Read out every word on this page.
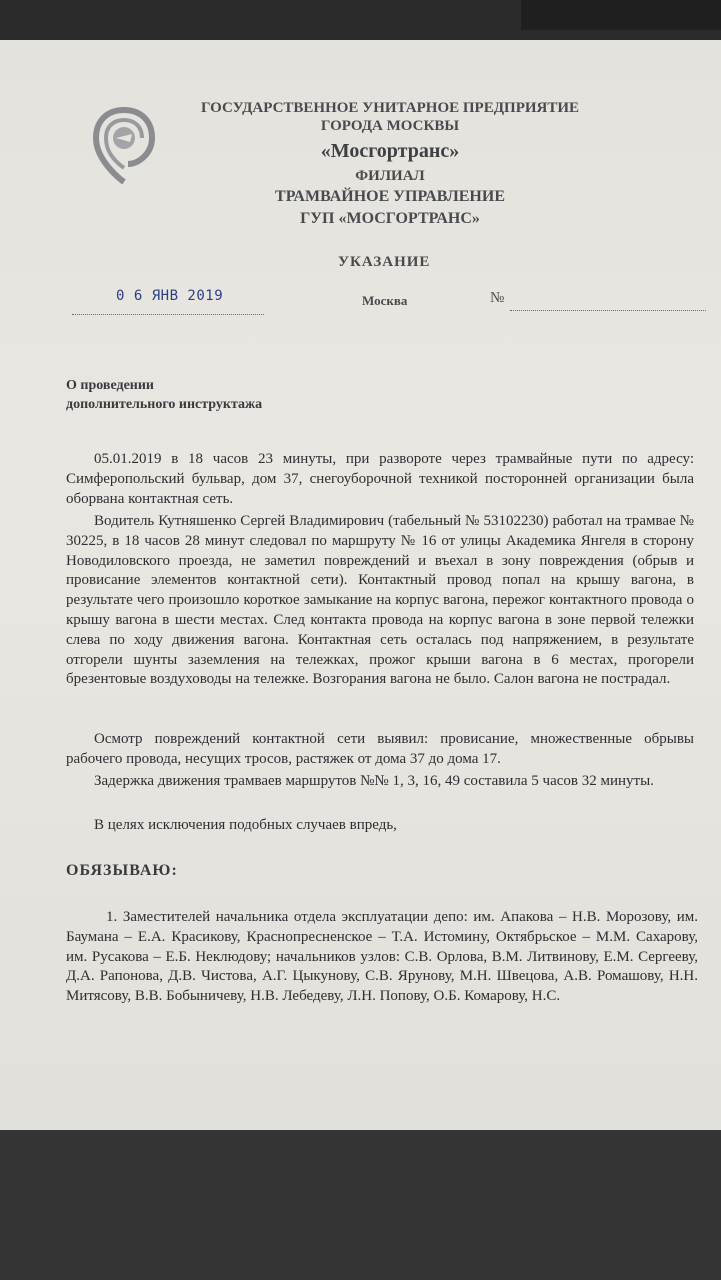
ГОСУДАРСТВЕННОЕ УНИТАРНОЕ ПРЕДПРИЯТИЕ
ГОРОДА МОСКВЫ
«Мосгортранс»
ФИЛИАЛ
ТРАМВАЙНОЕ УПРАВЛЕНИЕ
ГУП «МОСГОРТРАНС»
УКАЗАНИЕ
0 6 ЯНВ 2019	Москва	№
О проведении
дополнительного инструктажа
05.01.2019 в 18 часов 23 минуты, при развороте через трамвайные пути по адресу: Симферопольский бульвар, дом 37, снегоуборочной техникой посторонней организации была оборвана контактная сеть.
Водитель Кутняшенко Сергей Владимирович (табельный № 53102230) работал на трамвае № 30225, в 18 часов 28 минут следовал по маршруту № 16 от улицы Академика Янгеля в сторону Новодиловского проезда, не заметил повреждений и въехал в зону повреждения (обрыв и провисание элементов контактной сети). Контактный провод попал на крышу вагона, в результате чего произошло короткое замыкание на корпус вагона, пережог контактного провода о крышу вагона в шести местах. След контакта провода на корпус вагона в зоне первой тележки слева по ходу движения вагона. Контактная сеть осталась под напряжением, в результате отгорели шунты заземления на тележках, прожог крыши вагона в 6 местах, прогорели брезентовые воздуховоды на тележке. Возгорания вагона не было. Салон вагона не пострадал.
Осмотр повреждений контактной сети выявил: провисание, множественные обрывы рабочего провода, несущих тросов, растяжек от дома 37 до дома 17.
Задержка движения трамваев маршрутов №№ 1, 3, 16, 49 составила 5 часов 32 минуты.
В целях исключения подобных случаев впредь,
ОБЯЗЫВАЮ:
1. Заместителей начальника отдела эксплуатации депо: им. Апакова – Н.В. Морозову, им. Баумана – Е.А. Красикову, Краснопресненское – Т.А. Истомину, Октябрьское – М.М. Сахарову, им. Русакова – Е.Б. Неклюдову; начальников узлов: С.В. Орлова, В.М. Литвинову, Е.М. Сергееву, Д.А. Рапонова, Д.В. Чистова, А.Г. Цыкунову, С.В. Ярунову, М.Н. Швецова, А.В. Ромашову, Н.Н. Митясову, В.В. Бобыничеву, Н.В. Лебедеву, Л.Н. Попову, О.Б. Комарову, Н.С.
